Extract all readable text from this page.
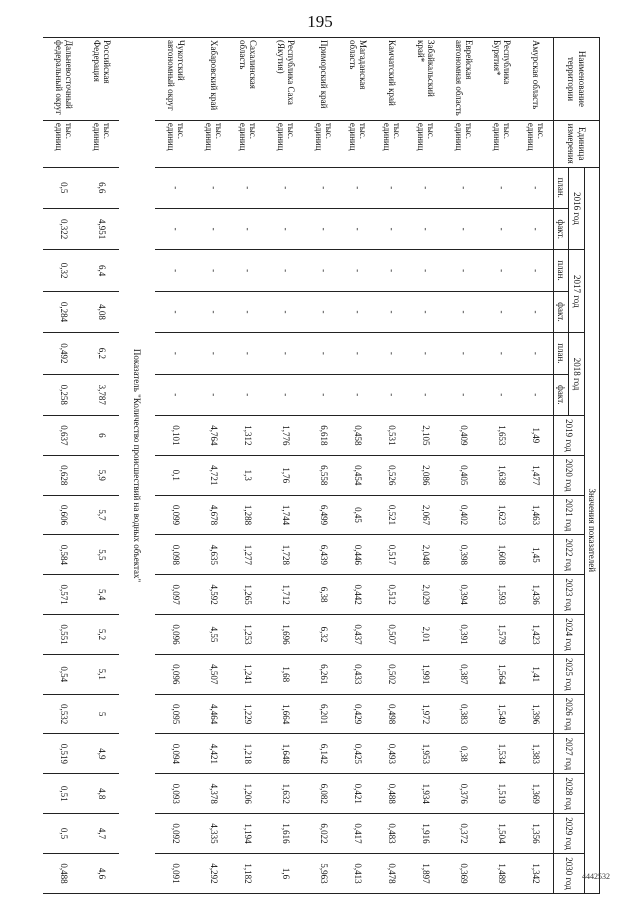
195
Наименование территории	Единица измерения	Значения показателей																	
		2016 год		2017 год		2018 год		2019 год	2020 год	2021 год	2022 год	2023 год	2024 год	2025 год	2026 год	2027 год	2028 год	2029 год	2030 год
		план.	факт.	план.	факт.	план.	факт.												
Амурская область	тыс. единиц	-	-	-	-	-	-	1,49	1,477	1,463	1,45	1,436	1,423	1,41	1,396	1,383	1,369	1,356	1,342
Республика Бурятия*	тыс. единиц	-	-	-	-	-	-	1,653	1,638	1,623	1,608	1,593	1,579	1,564	1,549	1,534	1,519	1,504	1,489
Еврейская автономная область	тыс. единиц	-	-	-	-	-	-	0,409	0,405	0,402	0,398	0,394	0,391	0,387	0,383	0,38	0,376	0,372	0,369
Забайкальский край*	тыс. единиц	-	-	-	-	-	-	2,105	2,086	2,067	2,048	2,029	2,01	1,991	1,972	1,953	1,934	1,916	1,897
Камчатский край	тыс. единиц	-	-	-	-	-	-	0,531	0,526	0,521	0,517	0,512	0,507	0,502	0,498	0,493	0,488	0,483	0,478
Магаданская область	тыс. единиц	-	-	-	-	-	-	0,458	0,454	0,45	0,446	0,442	0,437	0,433	0,429	0,425	0,421	0,417	0,413
Приморский край	тыс. единиц	-	-	-	-	-	-	6,618	6,558	6,499	6,439	6,38	6,32	6,261	6,201	6,142	6,082	6,022	5,963
Республика Саха (Якутия)	тыс. единиц	-	-	-	-	-	-	1,776	1,76	1,744	1,728	1,712	1,696	1,68	1,664	1,648	1,632	1,616	1,6
Сахалинская область	тыс. единиц	-	-	-	-	-	-	1,312	1,3	1,288	1,277	1,265	1,253	1,241	1,229	1,218	1,206	1,194	1,182
Хабаровский край	тыс. единиц	-	-	-	-	-	-	4,764	4,721	4,678	4,635	4,592	4,55	4,507	4,464	4,421	4,378	4,335	4,292
Чукотский автономный округ	тыс. единиц	-	-	-	-	-	-	0,101	0,1	0,099	0,098	0,097	0,096	0,096	0,095	0,094	0,093	0,092	0,091
Показатель "Количество происшествий на водных объектах"																			
Российская Федерация	тыс. единиц	6,6	4,951	6,4	4,08	6,2	3,787	6	5,9	5,7	5,5	5,4	5,2	5,1	5	4,9	4,8	4,7	4,6
Дальневосточный федеральный округ	тыс. единиц	0,5	0,322	0,32	0,284	0,492	0,258	0,637	0,628	0,606	0,584	0,571	0,551	0,54	0,532	0,519	0,51	0,5	0,488	4442532
